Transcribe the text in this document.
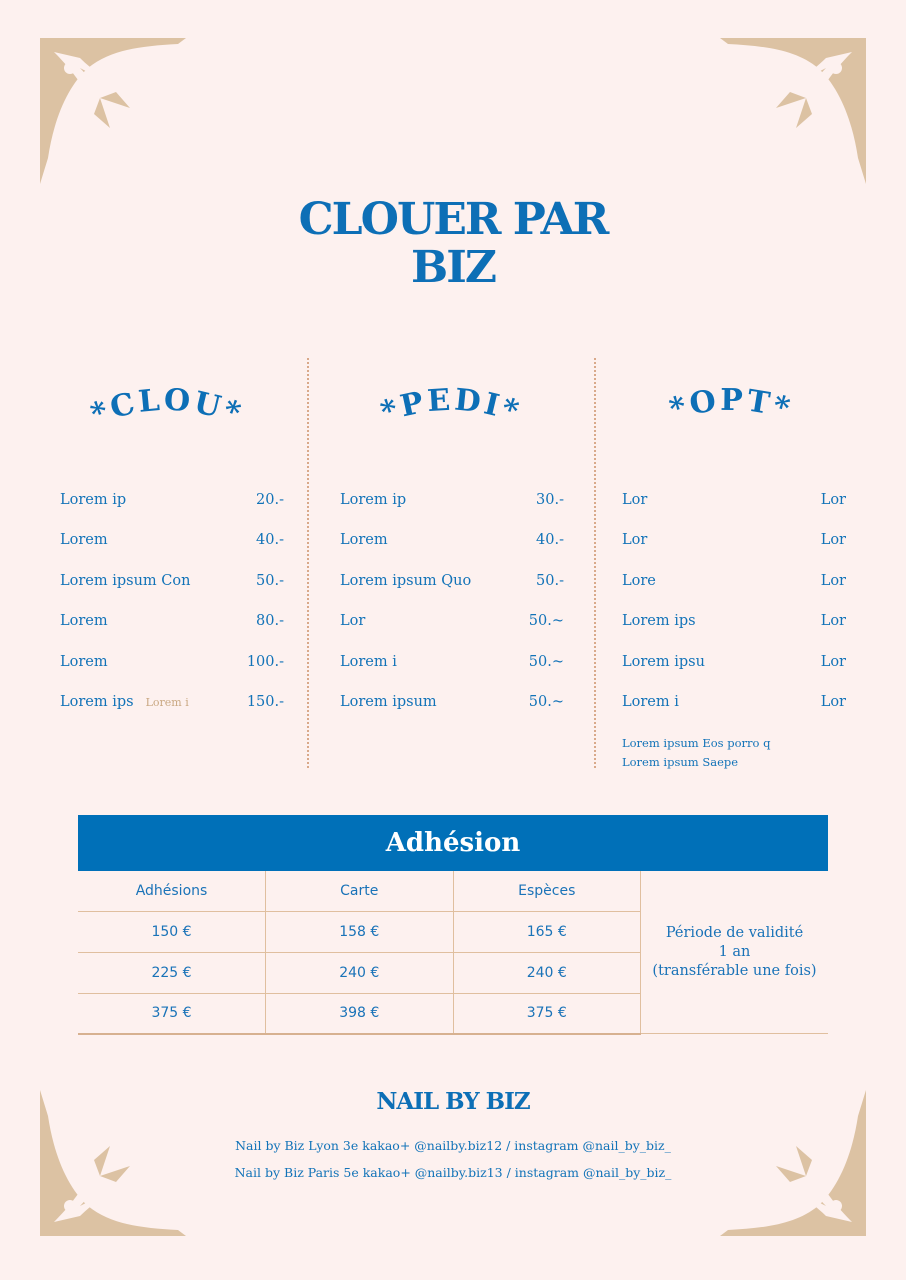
CLOUER PAR
BIZ
*CLOU*
Lorem ip	20.-
Lorem	40.-
Lorem ipsum Con	50.-
Lorem	80.-
Lorem	100.-
Lorem ips Lorem i	150.-
*PEDI*
Lorem ip	30.-
Lorem	40.-
Lorem ipsum Quo	50.-
Lor	50.~
Lorem i	50.~
Lorem ipsum	50.~
*OPT*
Lor	Lor
Lor	Lor
Lore	Lor
Lorem ips	Lor
Lorem ipsu	Lor
Lorem i	Lor
Lorem ipsum Eos porro q
Lorem ipsum Saepe
Adhésion
Adhésions	Carte	Espèces	Période de validité
1 an
(transférable une fois)

150 €	158 €	165 €	
225 €	240 €	240 €	
375 €	398 €	375 €	
NAIL BY BIZ
Nail by Biz Lyon 3e kakao+ @nailby.biz12 / instagram @nail_by_biz_
Nail by Biz Paris 5e kakao+ @nailby.biz13 / instagram @nail_by_biz_
